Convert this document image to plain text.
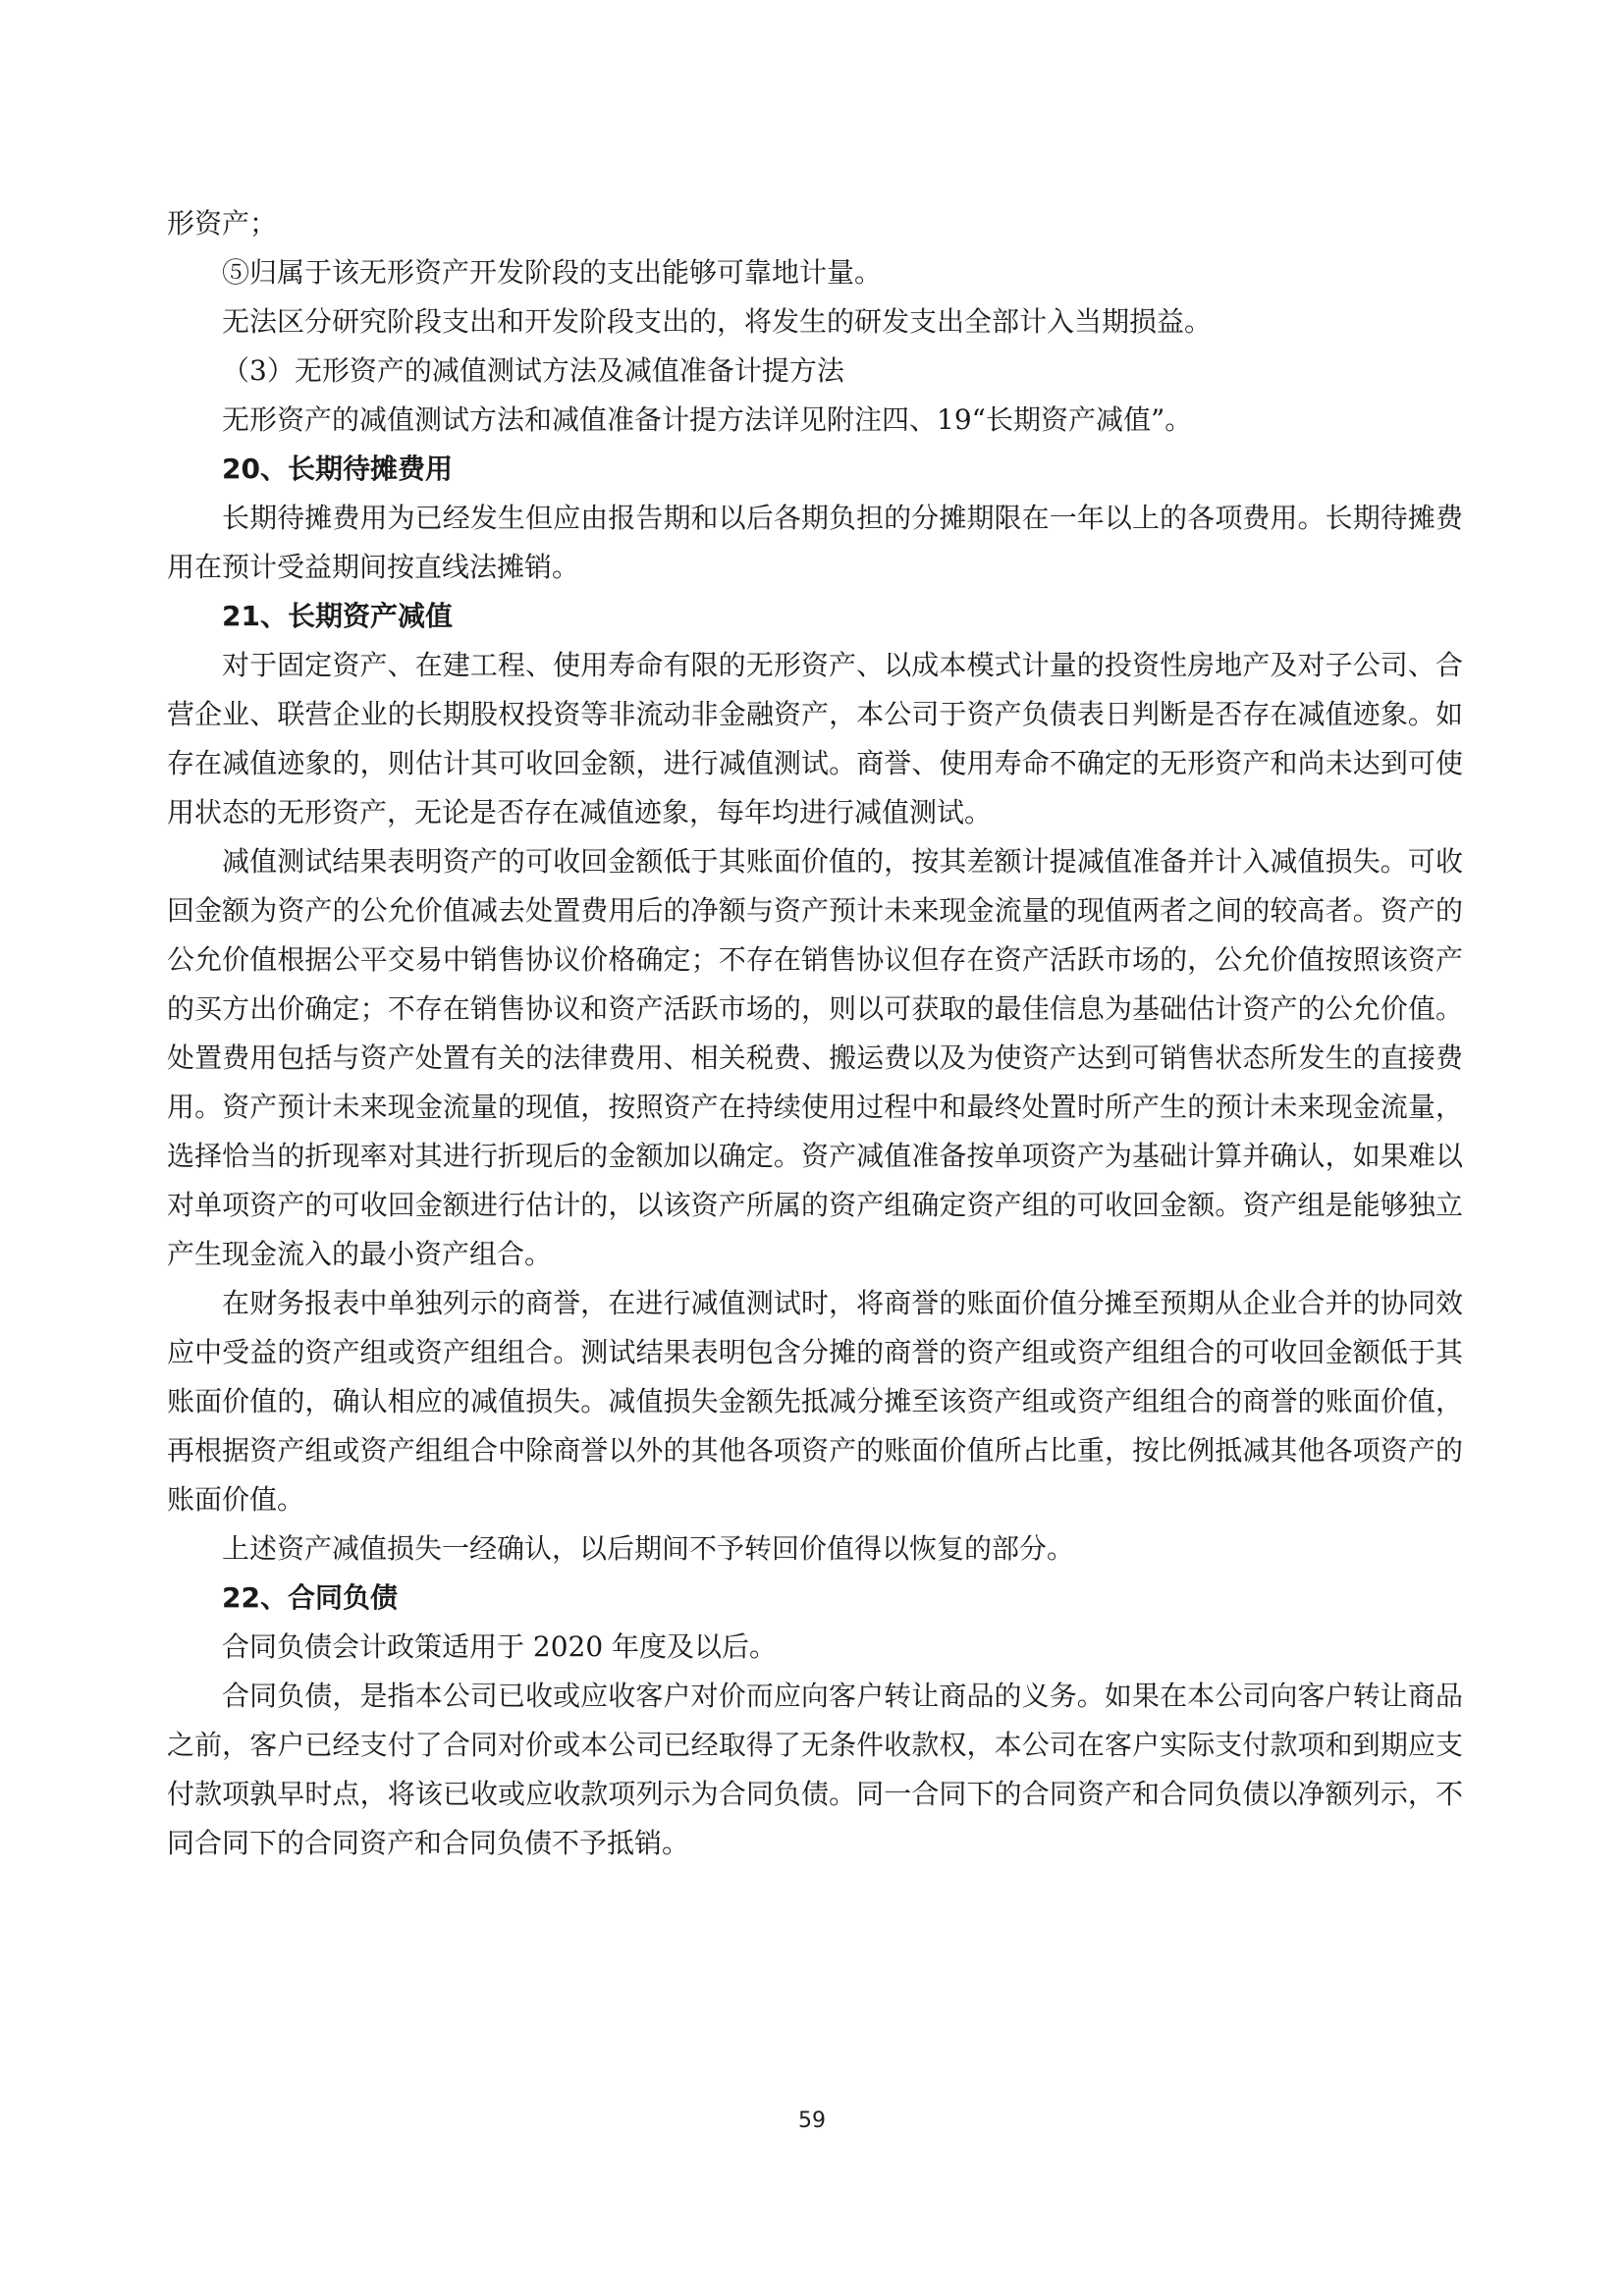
形资产；

⑤归属于该无形资产开发阶段的支出能够可靠地计量。

无法区分研究阶段支出和开发阶段支出的，将发生的研发支出全部计入当期损益。

（3）无形资产的减值测试方法及减值准备计提方法

无形资产的减值测试方法和减值准备计提方法详见附注四、19“长期资产减值”。

20、长期待摊费用

长期待摊费用为已经发生但应由报告期和以后各期负担的分摊期限在一年以上的各项费用。长期待摊费用在预计受益期间按直线法摊销。

21、长期资产减值

对于固定资产、在建工程、使用寿命有限的无形资产、以成本模式计量的投资性房地产及对子公司、合营企业、联营企业的长期股权投资等非流动非金融资产，本公司于资产负债表日判断是否存在减值迹象。如存在减值迹象的，则估计其可收回金额，进行减值测试。商誉、使用寿命不确定的无形资产和尚未达到可使用状态的无形资产，无论是否存在减值迹象，每年均进行减值测试。

减值测试结果表明资产的可收回金额低于其账面价值的，按其差额计提减值准备并计入减值损失。可收回金额为资产的公允价值减去处置费用后的净额与资产预计未来现金流量的现值两者之间的较高者。资产的公允价值根据公平交易中销售协议价格确定；不存在销售协议但存在资产活跃市场的，公允价值按照该资产的买方出价确定；不存在销售协议和资产活跃市场的，则以可获取的最佳信息为基础估计资产的公允价值。处置费用包括与资产处置有关的法律费用、相关税费、搬运费以及为使资产达到可销售状态所发生的直接费用。资产预计未来现金流量的现值，按照资产在持续使用过程中和最终处置时所产生的预计未来现金流量，选择恰当的折现率对其进行折现后的金额加以确定。资产减值准备按单项资产为基础计算并确认，如果难以对单项资产的可收回金额进行估计的，以该资产所属的资产组确定资产组的可收回金额。资产组是能够独立产生现金流入的最小资产组合。

在财务报表中单独列示的商誉，在进行减值测试时，将商誉的账面价值分摊至预期从企业合并的协同效应中受益的资产组或资产组组合。测试结果表明包含分摊的商誉的资产组或资产组组合的可收回金额低于其账面价值的，确认相应的减值损失。减值损失金额先抵减分摊至该资产组或资产组组合的商誉的账面价值，再根据资产组或资产组组合中除商誉以外的其他各项资产的账面价值所占比重，按比例抵减其他各项资产的账面价值。

上述资产减值损失一经确认，以后期间不予转回价值得以恢复的部分。

22、合同负债

合同负债会计政策适用于 2020 年度及以后。

合同负债，是指本公司已收或应收客户对价而应向客户转让商品的义务。如果在本公司向客户转让商品之前，客户已经支付了合同对价或本公司已经取得了无条件收款权，本公司在客户实际支付款项和到期应支付款项孰早时点，将该已收或应收款项列示为合同负债。同一合同下的合同资产和合同负债以净额列示，不同合同下的合同资产和合同负债不予抵销。

59
